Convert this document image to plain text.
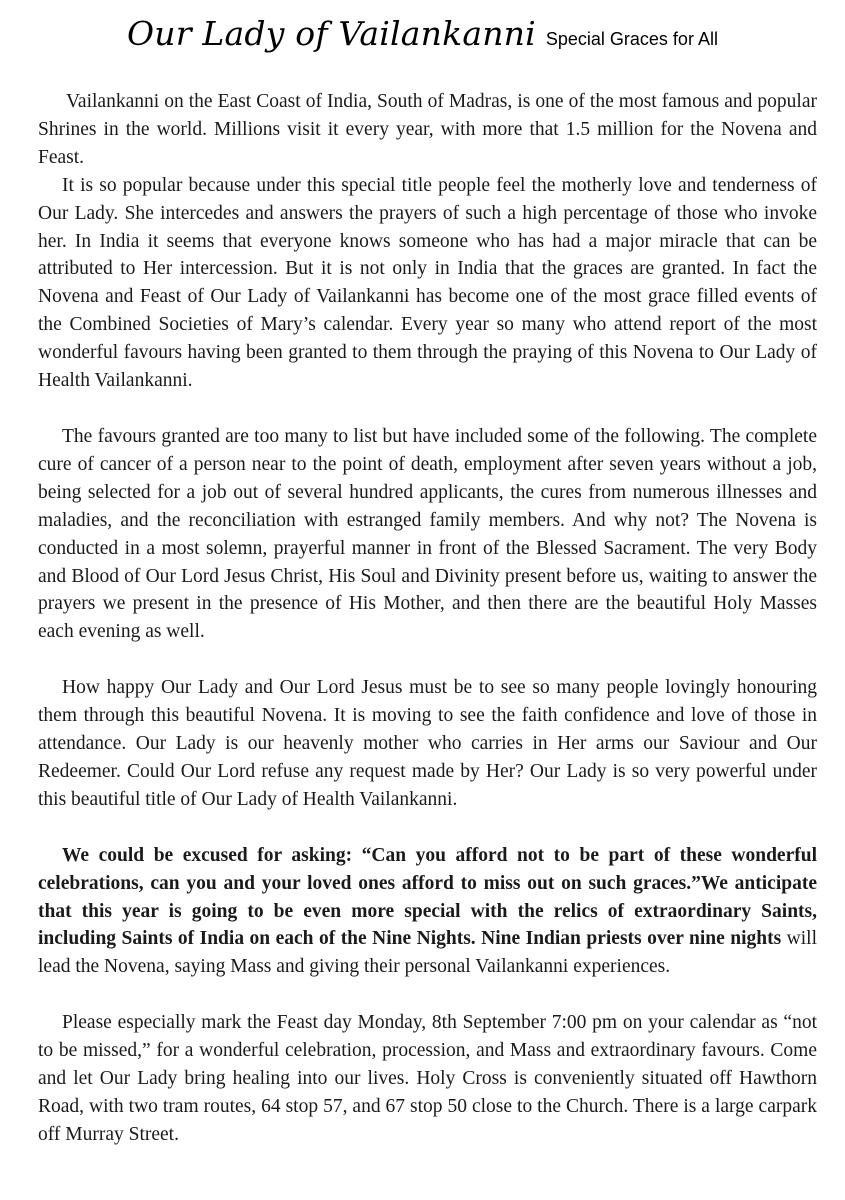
Our Lady of Vailankanni Special Graces for All

Vailankanni on the East Coast of India, South of Madras, is one of the most famous and popular Shrines in the world. Millions visit it every year, with more that 1.5 million for the Novena and Feast.

It is so popular because under this special title people feel the motherly love and tenderness of Our Lady. She intercedes and answers the prayers of such a high percentage of those who invoke her. In India it seems that everyone knows someone who has had a major miracle that can be attributed to Her intercession. But it is not only in India that the graces are granted. In fact the Novena and Feast of Our Lady of Vailankanni has become one of the most grace filled events of the Combined Societies of Mary’s calendar. Every year so many who attend report of the most wonderful favours having been granted to them through the praying of this Novena to Our Lady of Health Vailankanni.

The favours granted are too many to list but have included some of the following. The complete cure of cancer of a person near to the point of death, employment after seven years without a job, being selected for a job out of several hundred applicants, the cures from numerous illnesses and maladies, and the reconciliation with estranged family members. And why not? The Novena is conducted in a most solemn, prayerful manner in front of the Blessed Sacrament. The very Body and Blood of Our Lord Jesus Christ, His Soul and Divinity present before us, waiting to answer the prayers we present in the presence of His Mother, and then there are the beautiful Holy Masses each evening as well.

How happy Our Lady and Our Lord Jesus must be to see so many people lovingly honouring them through this beautiful Novena. It is moving to see the faith confidence and love of those in attendance. Our Lady is our heavenly mother who carries in Her arms our Saviour and Our Redeemer. Could Our Lord refuse any request made by Her? Our Lady is so very powerful under this beautiful title of Our Lady of Health Vailankanni.

We could be excused for asking: “Can you afford not to be part of these wonderful celebrations, can you and your loved ones afford to miss out on such graces.”We anticipate that this year is going to be even more special with the relics of extraordinary Saints, including Saints of India on each of the Nine Nights. Nine Indian priests over nine nights will lead the Novena, saying Mass and giving their personal Vailankanni experiences.

Please especially mark the Feast day Monday, 8th September 7:00 pm on your calendar as “not to be missed,” for a wonderful celebration, procession, and Mass and extraordinary favours. Come and let Our Lady bring healing into our lives. Holy Cross is conveniently situated off Hawthorn Road, with two tram routes, 64 stop 57, and 67 stop 50 close to the Church. There is a large carpark off Murray Street.
